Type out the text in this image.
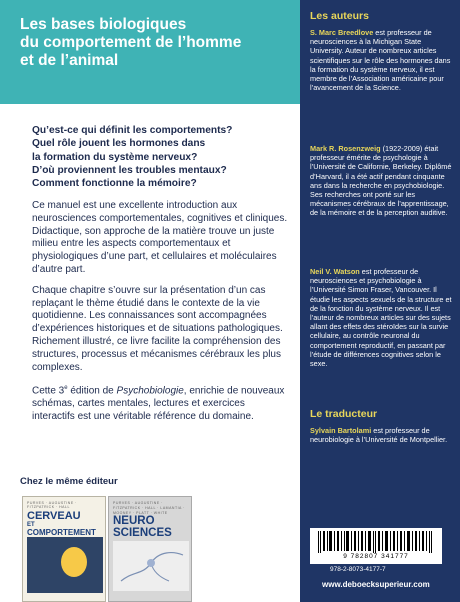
Les bases biologiques
du comportement de l’homme
et de l’animal
Qu’est-ce qui définit les comportements?
Quel rôle jouent les hormones dans
la formation du système nerveux?
D’où proviennent les troubles mentaux?
Comment fonctionne la mémoire?

Ce manuel est une excellente introduction aux neurosciences comportementales, cognitives et cliniques. Didactique, son approche de la matière trouve un juste milieu entre les aspects comportementaux et physiologiques d’une part, et cellulaires et moléculaires d’autre part.

Chaque chapitre s’ouvre sur la présentation d’un cas replaçant le thème étudié dans le contexte de la vie quotidienne. Les connaissances sont accompagnées d’expériences historiques et de situations pathologiques. Richement illustré, ce livre facilite la compréhension des structures, processus et mécanismes cérébraux les plus complexes.

Cette 3e édition de Psychobiologie, enrichie de nouveaux schémas, cartes mentales, lectures et exercices interactifs est une véritable référence du domaine.

Chez le même éditeur
PURVES · AUGUSTINE · FITZPATRICK · HALL
CERVEAU
ET
COMPORTEMENT
PURVES · AUGUSTINE · FITZPATRICK · HALL · LAMANTIA · MOONEY · PLATT · WHITE
NEURO
SCIENCES
Les auteurs
S. Marc Breedlove est professeur de neurosciences à la Michigan State University. Auteur de nombreux articles scientifiques sur le rôle des hormones dans la formation du système nerveux, il est membre de l’Association américaine pour l’avancement de la Science.
Mark R. Rosenzweig (1922-2009) était professeur émérite de psychologie à l’Université de Californie, Berkeley. Diplômé d’Harvard, il a été actif pendant cinquante ans dans la recherche en psychobiologie. Ses recherches ont porté sur les mécanismes cérébraux de l’apprentissage, de la mémoire et de la perception auditive.
Neil V. Watson est professeur de neurosciences et psychobiologie à l’Université Simon Fraser, Vancouver. Il étudie les aspects sexuels de la structure et de la fonction du système nerveux. Il est l’auteur de nombreux articles sur des sujets allant des effets des stéroïdes sur la survie cellulaire, au contrôle neuronal du comportement reproductif, en passant par l’étude de différences cognitives selon le sexe.
Le traducteur
Sylvain Bartolami est professeur de neurobiologie à l’Université de Montpellier.
9 782807 341777
978-2-8073-4177-7
www.deboecksuperieur.com
